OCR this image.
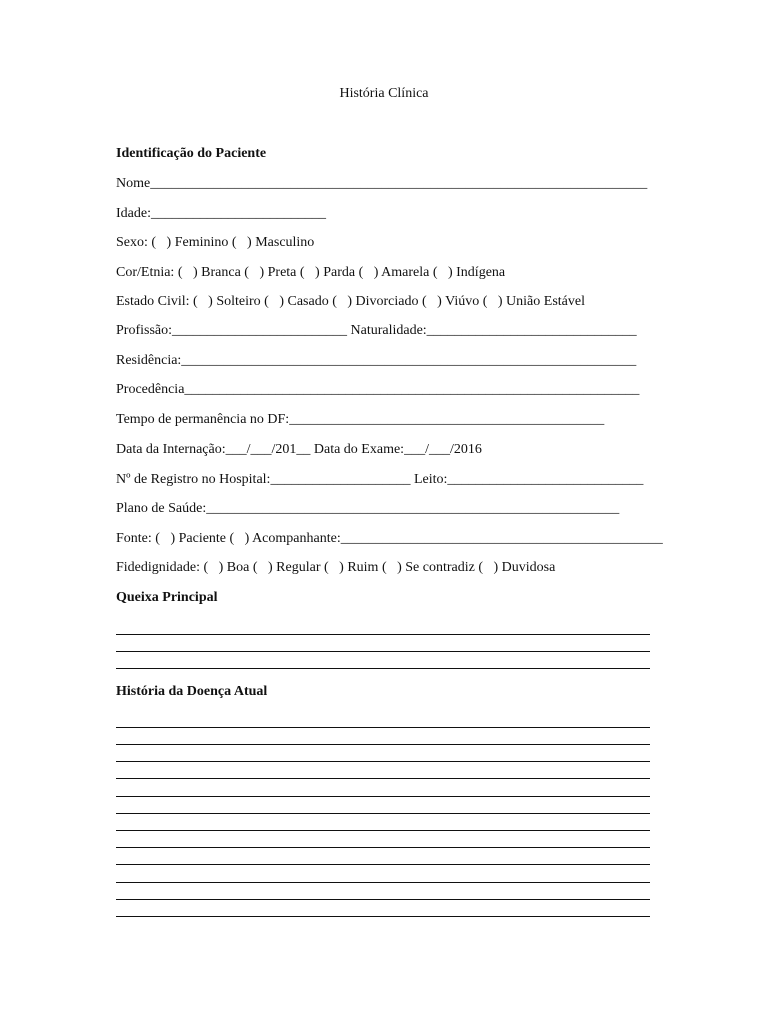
História Clínica
Identificação do Paciente
Nome_______________________________________________________________________
Idade:_________________________
Sexo: (   ) Feminino (   ) Masculino
Cor/Etnia: (   ) Branca (   ) Preta (   ) Parda (   ) Amarela (   ) Indígena
Estado Civil: (   ) Solteiro (   ) Casado (   ) Divorciado (   ) Viúvo (   ) União Estável
Profissão:_________________________ Naturalidade:______________________________
Residência:_________________________________________________________________
Procedência_________________________________________________________________
Tempo de permanência no DF:_____________________________________________
Data da Internação:___/___/201__ Data do Exame:___/___/2016
Nº de Registro no Hospital:____________________ Leito:____________________________
Plano de Saúde:___________________________________________________________
Fonte: (   ) Paciente (   ) Acompanhante:______________________________________________
Fidedignidade: (   ) Boa (   ) Regular (   ) Ruim (   ) Se contradiz (   ) Duvidosa
Queixa Principal
História da Doença Atual
